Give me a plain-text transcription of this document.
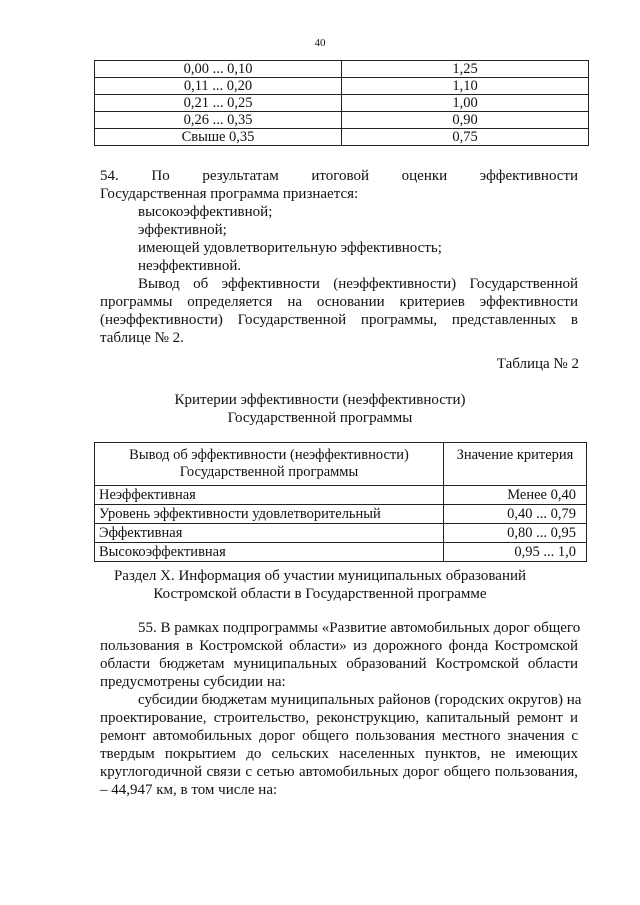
40
0,00 ... 0,10	1,25
0,11 ... 0,20	1,10
0,21 ... 0,25	1,00
0,26 ... 0,35	0,90
Свыше 0,35	0,75
54. По результатам итоговой оценки эффективности
Государственная программа признается:
высокоэффективной;
эффективной;
имеющей удовлетворительную эффективность;
неэффективной.
Вывод об эффективности (неэффективности) Государственной
программы определяется на основании критериев эффективности
(неэффективности) Государственной программы, представленных в
таблице № 2.
Таблица № 2
Критерии эффективности (неэффективности)
Государственной программы
Вывод об эффективности (неэффективности) Государственной программы	Значение критерия
Неэффективная	Менее 0,40
Уровень эффективности удовлетворительный	0,40 ... 0,79
Эффективная	0,80 ... 0,95
Высокоэффективная	0,95 ... 1,0
Раздел X. Информация об участии муниципальных образований
Костромской области в Государственной программе
55. В рамках подпрограммы «Развитие автомобильных дорог общего
пользования в Костромской области» из дорожного фонда Костромской
области бюджетам муниципальных образований Костромской области
предусмотрены субсидии на:
субсидии бюджетам муниципальных районов (городских округов) на
проектирование, строительство, реконструкцию, капитальный ремонт и
ремонт автомобильных дорог общего пользования местного значения с
твердым покрытием до сельских населенных пунктов, не имеющих
круглогодичной связи с сетью автомобильных дорог общего пользования,
– 44,947 км, в том числе на:
